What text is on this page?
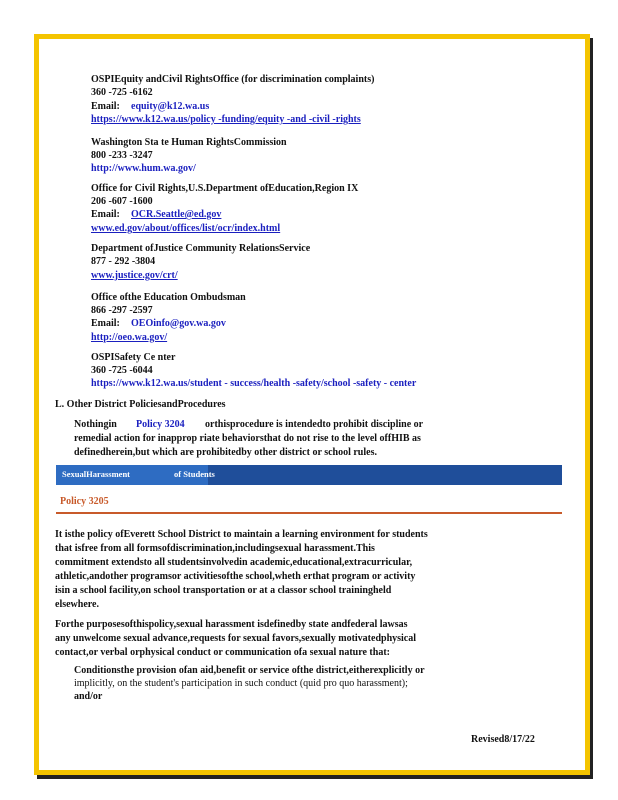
OSPIEquity andCivil RightsOffice (for discrimination complaints)
360 -725 -6162
Email: equity@k12.wa.us
https://www.k12.wa.us/policy -funding/equity -and -civil -rights
Washington Sta te Human RightsCommission
800 -233 -3247
http://www.hum.wa.gov/
Office for Civil Rights,U.S.Department ofEducation,Region IX
206 -607 -1600
Email: OCR.Seattle@ed.gov
www.ed.gov/about/offices/list/ocr/index.html
Department ofJustice Community RelationsService
877 - 292 -3804
www.justice.gov/crt/
Office ofthe Education Ombudsman
866 -297 -2597
Email: OEOinfo@gov.wa.gov
http://oeo.wa.gov/
OSPISafety Ce nter
360 -725 -6044
https://www.k12.wa.us/student - success/health -safety/school -safety - center
L. Other District PoliciesandProcedures
Nothingin Policy 3204 orthisprocedure is intendedto prohibit discipline or
remedial action for inapprop riate behaviorsthat do not rise to the level offHIB as
definedherein,but which are prohibitedby other district or school rules.
SexualHarassment	of Students
Policy 3205
It isthe policy ofEverett School District to maintain a learning environment for students
that isfree from all formsofdiscrimination,includingsexual harassment.This
commitment extendsto all studentsinvolvedin academic,educational,extracurricular,
athletic,andother programsor activitiesofthe school,wheth erthat program or activity
isin a school facility,on school transportation or at a classor school trainingheld
elsewhere.
Forthe purposesofthispolicy,sexual harassment isdefinedby state andfederal lawsas
any unwelcome sexual advance,requests for sexual favors,sexually motivatedphysical
contact,or verbal orphysical conduct or communication ofa sexual nature that:
Conditionsthe provision ofan aid,benefit or service ofthe district,eitherexplicitly or
implicitly, on the student's participation in such conduct (quid pro quo harassment);
and/or
Revised8/17/22
